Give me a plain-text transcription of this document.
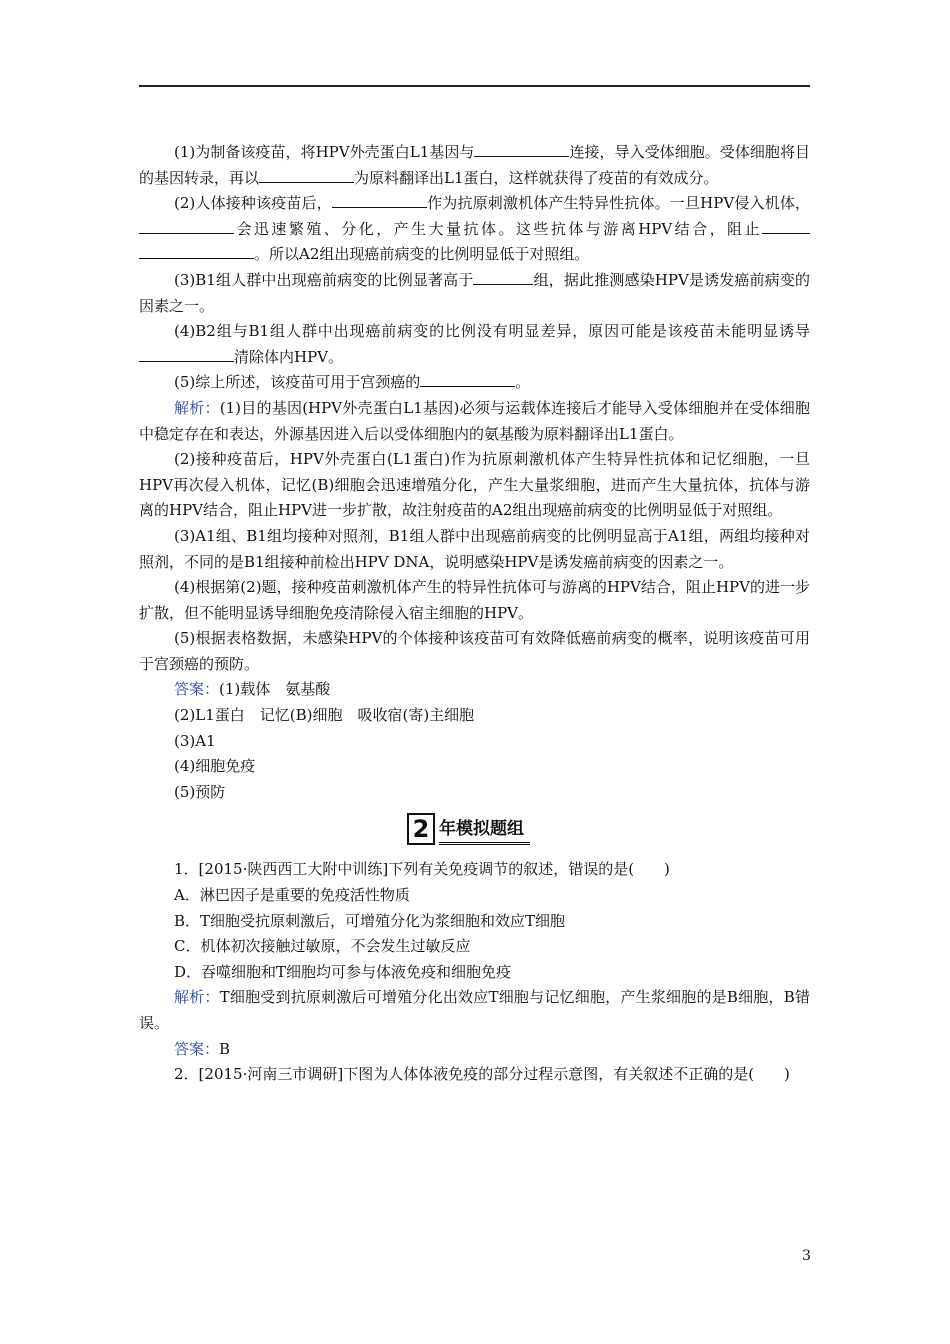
(1)为制备该疫苗，将HPV外壳蛋白L1基因与	连接，导入受体细胞。受体细胞将目的基因转录，再以	为原料翻译出L1蛋白，这样就获得了疫苗的有效成分。

(2)人体接种该疫苗后，	作为抗原刺激机体产生特异性抗体。一旦HPV侵入机体，会迅速繁殖、分化，产生大量抗体。这些抗体与游离HPV结合，阻止。所以A2组出现癌前病变的比例明显低于对照组。

(3)B1组人群中出现癌前病变的比例显著高于	组，据此推测感染HPV是诱发癌前病变的因素之一。

(4)B2组与B1组人群中出现癌前病变的比例没有明显差异，原因可能是该疫苗未能明显诱导清除体内HPV。

(5)综上所述，该疫苗可用于宫颈癌的	。

解析：(1)目的基因(HPV外壳蛋白L1基因)必须与运载体连接后才能导入受体细胞并在受体细胞中稳定存在和表达，外源基因进入后以受体细胞内的氨基酸为原料翻译出L1蛋白。

(2)接种疫苗后，HPV外壳蛋白(L1蛋白)作为抗原刺激机体产生特异性抗体和记忆细胞，一旦HPV再次侵入机体，记忆(B)细胞会迅速增殖分化，产生大量浆细胞，进而产生大量抗体，抗体与游离的HPV结合，阻止HPV进一步扩散，故注射疫苗的A2组出现癌前病变的比例明显低于对照组。

(3)A1组、B1组均接种对照剂，B1组人群中出现癌前病变的比例明显高于A1组，两组均接种对照剂，不同的是B1组接种前检出HPV DNA，说明感染HPV是诱发癌前病变的因素之一。

(4)根据第(2)题，接种疫苗刺激机体产生的特异性抗体可与游离的HPV结合，阻止HPV的进一步扩散，但不能明显诱导细胞免疫清除侵入宿主细胞的HPV。

(5)根据表格数据，未感染HPV的个体接种该疫苗可有效降低癌前病变的概率，说明该疫苗可用于宫颈癌的预防。

答案：(1)载体　氨基酸

(2)L1蛋白　记忆(B)细胞　吸收宿(寄)主细胞

(3)A1

(4)细胞免疫

(5)预防

2 年模拟题组

1．[2015·陕西西工大附中训练]下列有关免疫调节的叙述，错误的是(　　)

A．淋巴因子是重要的免疫活性物质

B．T细胞受抗原刺激后，可增殖分化为浆细胞和效应T细胞

C．机体初次接触过敏原，不会发生过敏反应

D．吞噬细胞和T细胞均可参与体液免疫和细胞免疫

解析：T细胞受到抗原刺激后可增殖分化出效应T细胞与记忆细胞，产生浆细胞的是B细胞，B错误。

答案：B

2．[2015·河南三市调研]下图为人体体液免疫的部分过程示意图，有关叙述不正确的是(　　)

3
